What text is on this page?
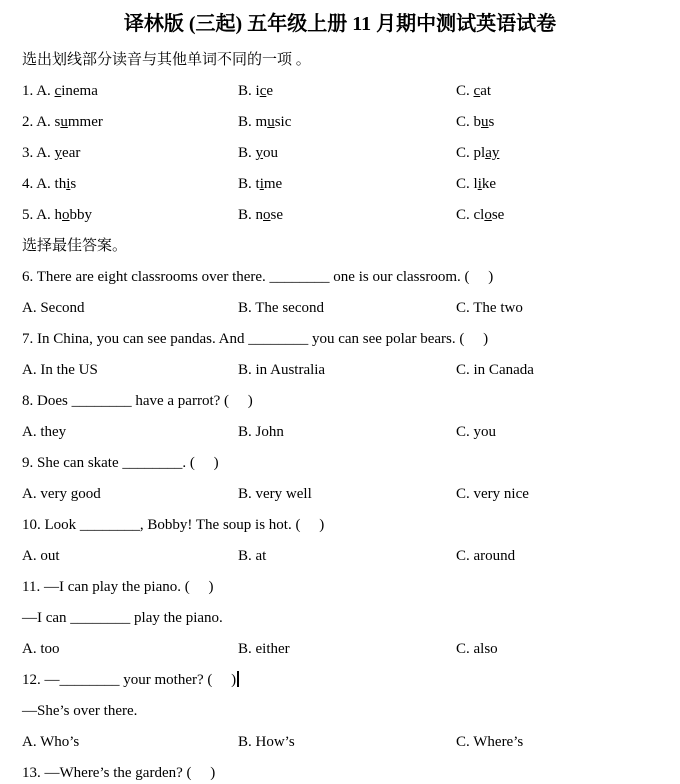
译林版 (三起) 五年级上册 11 月期中测试英语试卷
选出划线部分读音与其他单词不同的一项 。
1. A. cinema	B. ice	C. cat
2. A. summer	B. music	C. bus
3. A. year	B. you	C. play
4. A. this	B. time	C. like
5. A. hobby	B. nose	C. close
选择最佳答案。
6. There are eight classrooms over there. ________ one is our classroom. (     )
A. Second	B. The second	C. The two
7. In China, you can see pandas. And ________ you can see polar bears. (     )
A. In the US	B. in Australia	C. in Canada
8. Does ________ have a parrot? (     )
A. they	B. John	C. you
9. She can skate ________. (     )
A. very good	B. very well	C. very nice
10. Look ________, Bobby! The soup is hot. (     )
A. out	B. at	C. around
11. —I can play the piano. (     )
—I can ________ play the piano.
A. too	B. either	C. also
12. —________ your mother? (     )
—She’s over there.
A. Who’s	B. How’s	C. Where’s
13. —Where’s the garden? (     )
